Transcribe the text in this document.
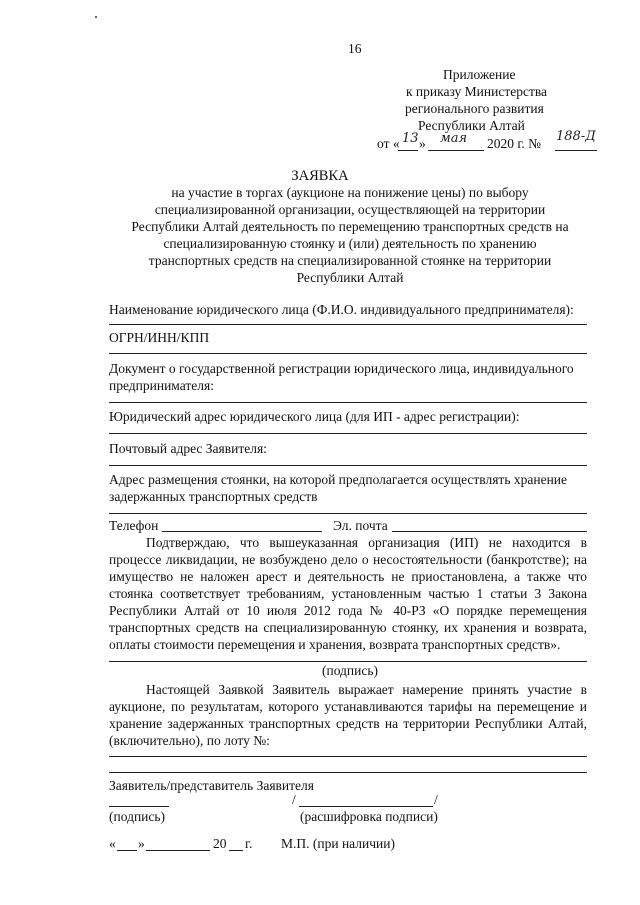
16
Приложение
к приказу Министерства
регионального развития
Республики Алтай
от « 13 » мая 2020 г. № 188-Д
ЗАЯВКА
на участие в торгах (аукционе на понижение цены) по выбору
специализированной организации, осуществляющей на территории
Республики Алтай деятельность по перемещению транспортных средств на
специализированную стоянку и (или) деятельность по хранению
транспортных средств на специализированной стоянке на территории
Республики Алтай
Наименование юридического лица (Ф.И.О. индивидуального предпринимателя):
ОГРН/ИНН/КПП
Документ о государственной регистрации юридического лица, индивидуального
предпринимателя:
Юридический адрес юридического лица (для ИП - адрес регистрации):
Почтовый адрес Заявителя:
Адрес размещения стоянки, на которой предполагается осуществлять хранение
задержанных транспортных средств
Телефон	Эл. почта
Подтверждаю, что вышеуказанная организация (ИП) не находится в
процессе ликвидации, не возбуждено дело о несостоятельности (банкротстве); на
имущество не наложен арест и деятельность не приостановлена, а также что
стоянка соответствует требованиям, установленным частью 1 статьи 3 Закона
Республики Алтай от 10 июля 2012 года № 40-РЗ «О порядке перемещения
транспортных средств на специализированную стоянку, их хранения и возврата,
оплаты стоимости перемещения и хранения, возврата транспортных средств».
(подпись)
Настоящей Заявкой Заявитель выражает намерение принять участие в
аукционе, по результатам, которого устанавливаются тарифы на перемещение и
хранение задержанных транспортных средств на территории Республики Алтай,
(включительно), по лоту №:
Заявитель/представитель Заявителя
/	/
(подпись)	(расшифровка подписи)
« »	20 г. М.П. (при наличии)
